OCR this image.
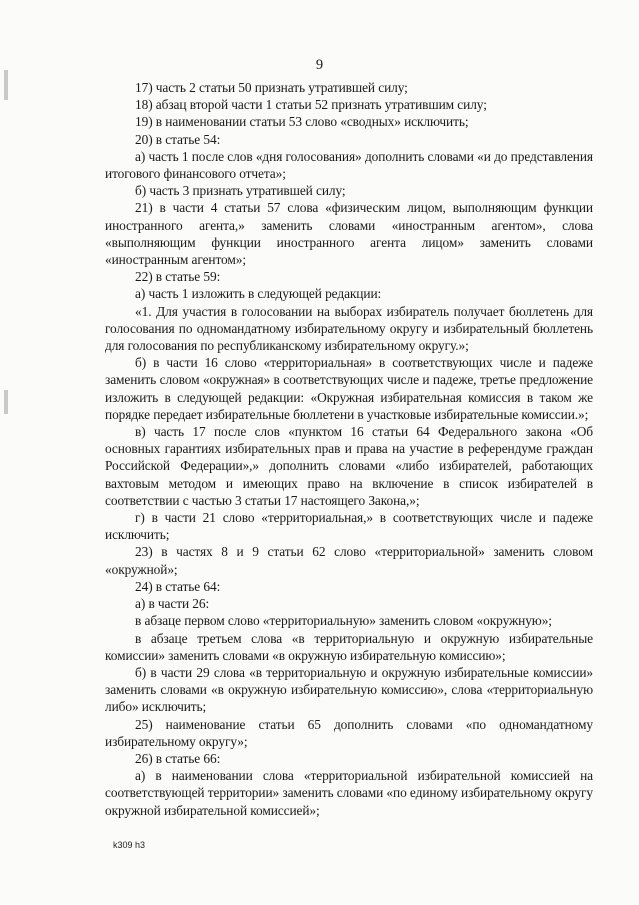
9

17) часть 2 статьи 50 признать утратившей силу;

18) абзац второй части 1 статьи 52 признать утратившим силу;

19) в наименовании статьи 53 слово «сводных» исключить;

20) в статье 54:

а) часть 1 после слов «дня голосования» дополнить словами «и до представления итогового финансового отчета»;

б) часть 3 признать утратившей силу;

21) в части 4 статьи 57 слова «физическим лицом, выполняющим функции иностранного агента,» заменить словами «иностранным агентом», слова «выполняющим функции иностранного агента лицом» заменить словами «иностранным агентом»;

22) в статье 59:

а) часть 1 изложить в следующей редакции:

«1. Для участия в голосовании на выборах избиратель получает бюллетень для голосования по одномандатному избирательному округу и избирательный бюллетень для голосования по республиканскому избирательному округу.»;

б) в части 16 слово «территориальная» в соответствующих числе и падеже заменить словом «окружная» в соответствующих числе и падеже, третье предложение изложить в следующей редакции: «Окружная избирательная комиссия в таком же порядке передает избирательные бюллетени в участковые избирательные комиссии.»;

в) часть 17 после слов «пунктом 16 статьи 64 Федерального закона «Об основных гарантиях избирательных прав и права на участие в референдуме граждан Российской Федерации»,» дополнить словами «либо избирателей, работающих вахтовым методом и имеющих право на включение в список избирателей в соответствии с частью 3 статьи 17 настоящего Закона,»;

г) в части 21 слово «территориальная,» в соответствующих числе и падеже исключить;

23) в частях 8 и 9 статьи 62 слово «территориальной» заменить словом «окружной»;

24) в статье 64:

а) в части 26:

в абзаце первом слово «территориальную» заменить словом «окружную»;

в абзаце третьем слова «в территориальную и окружную избирательные комиссии» заменить словами «в окружную избирательную комиссию»;

б) в части 29 слова «в территориальную и окружную избирательные комиссии» заменить словами «в окружную избирательную комиссию», слова «территориальную либо» исключить;

25) наименование статьи 65 дополнить словами «по одномандатному избирательному округу»;

26) в статье 66:

а) в наименовании слова «территориальной избирательной комиссией на соответствующей территории» заменить словами «по единому избирательному округу окружной избирательной комиссией»;

k309 h3
